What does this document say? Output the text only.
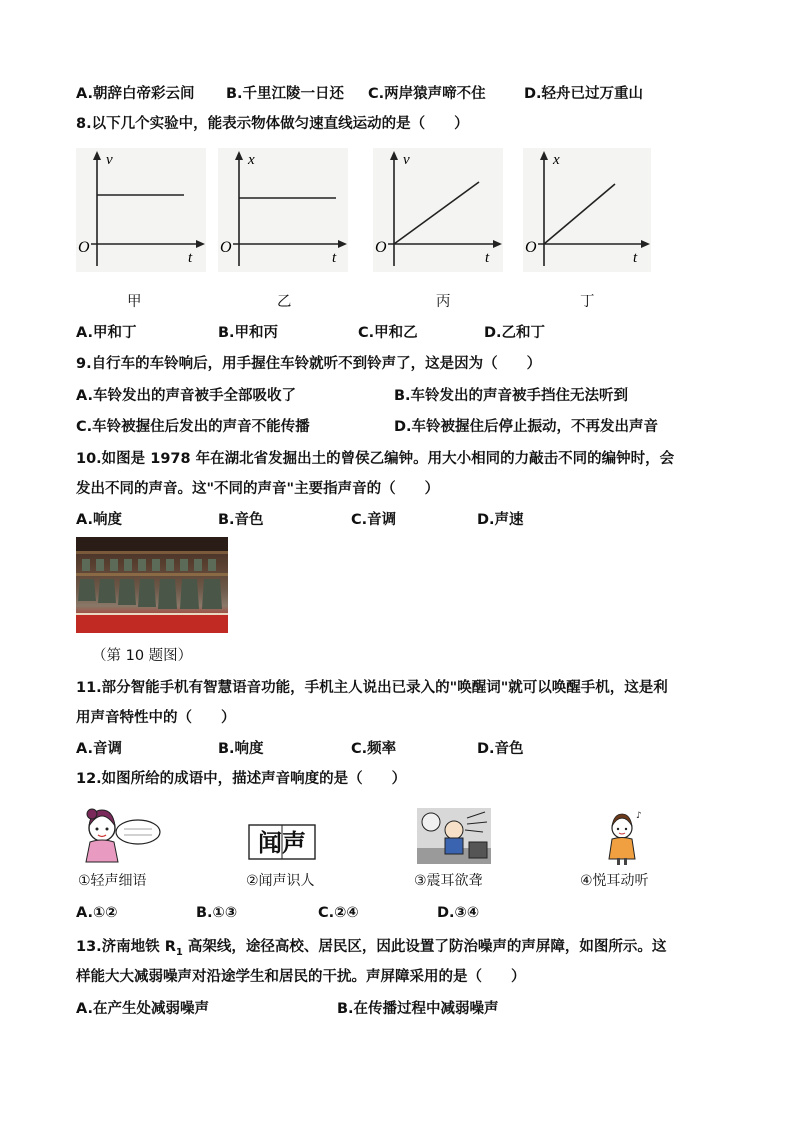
A.朝辞白帝彩云间 B.千里江陵一日还 C.两岸猿声啼不住	D.轻舟已过万重山
8.以下几个实验中，能表示物体做匀速直线运动的是（　　）
v
O
t
x
O
t
v
O
t
x
O
t
甲	乙	丙	丁
A.甲和丁	B.甲和丙	C.甲和乙	D.乙和丁
9.自行车的车铃响后，用手握住车铃就听不到铃声了，这是因为（　　）
A.车铃发出的声音被手全部吸收了	B.车铃发出的声音被手挡住无法听到
C.车铃被握住后发出的声音不能传播	D.车铃被握住后停止振动，不再发出声音
10.如图是 1978 年在湖北省发掘出土的曾侯乙编钟。用大小相同的力敲击不同的编钟时，会
发出不同的声音。这"不同的声音"主要指声音的（　　）
A.响度	B.音色	C.音调	D.声速
（第 10 题图）
11.部分智能手机有智慧语音功能，手机主人说出已录入的"唤醒词"就可以唤醒手机，这是利
用声音特性中的（　　）
A.音调	B.响度	C.频率	D.音色
12.如图所给的成语中，描述声音响度的是（　　）
闻声
♪
①轻声细语	②闻声识人	③震耳欲聋	④悦耳动听
A.①②	B.①③	C.②④	D.③④
13.济南地铁 $R_1$ 高架线，途径高校、居民区，因此设置了防治噪声的声屏障，如图所示。这
样能大大减弱噪声对沿途学生和居民的干扰。声屏障采用的是（　　）
A.在产生处减弱噪声	B.在传播过程中减弱噪声
